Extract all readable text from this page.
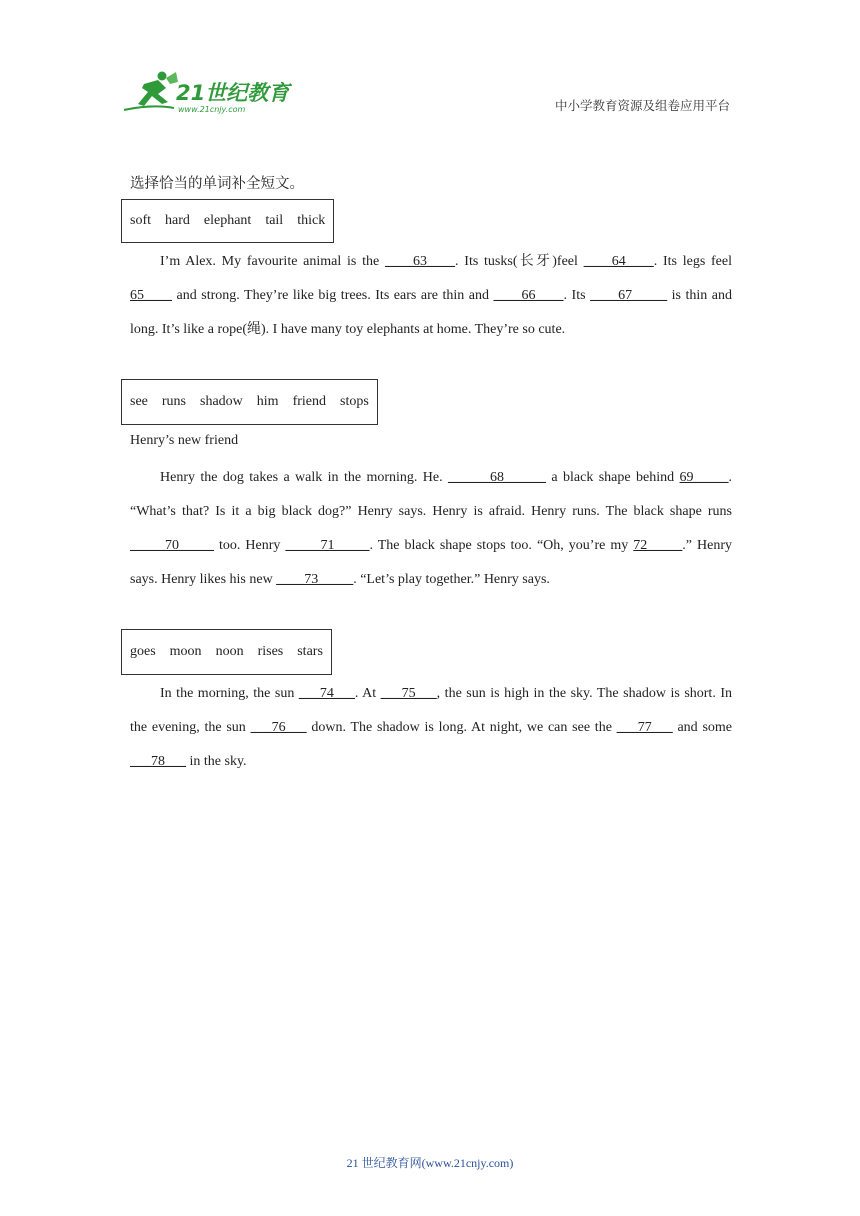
21世纪教育
www.21cnjy.com	中小学教育资源及组卷应用平台
选择恰当的单词补全短文。
soft hard elephant tail thick
I’m Alex. My favourite animal is the ____63____. Its tusks(长牙)feel ____64____. Its legs feel 65____ and strong. They’re like big trees. Its ears are thin and ____66____. Its ____67_____ is thin and long. It’s like a rope(绳). I have many toy elephants at home. They’re so cute.
see runs shadow him friend stops
Henry’s new friend
Henry the dog takes a walk in the morning. He. ______68______ a black shape behind 69_____. “What’s that? Is it a big black dog?” Henry says. Henry is afraid. Henry runs. The black shape runs _____70_____ too. Henry _____71_____. The black shape stops too. “Oh, you’re my 72_____.” Henry says. Henry likes his new ____73_____. “Let’s play together.” Henry says.
goes moon noon rises stars
In the morning, the sun ___74___. At ___75___, the sun is high in the sky. The shadow is short. In the evening, the sun ___76___ down. The shadow is long. At night, we can see the ___77___ and some ___78___ in the sky.
21 世纪教育网(www.21cnjy.com)
